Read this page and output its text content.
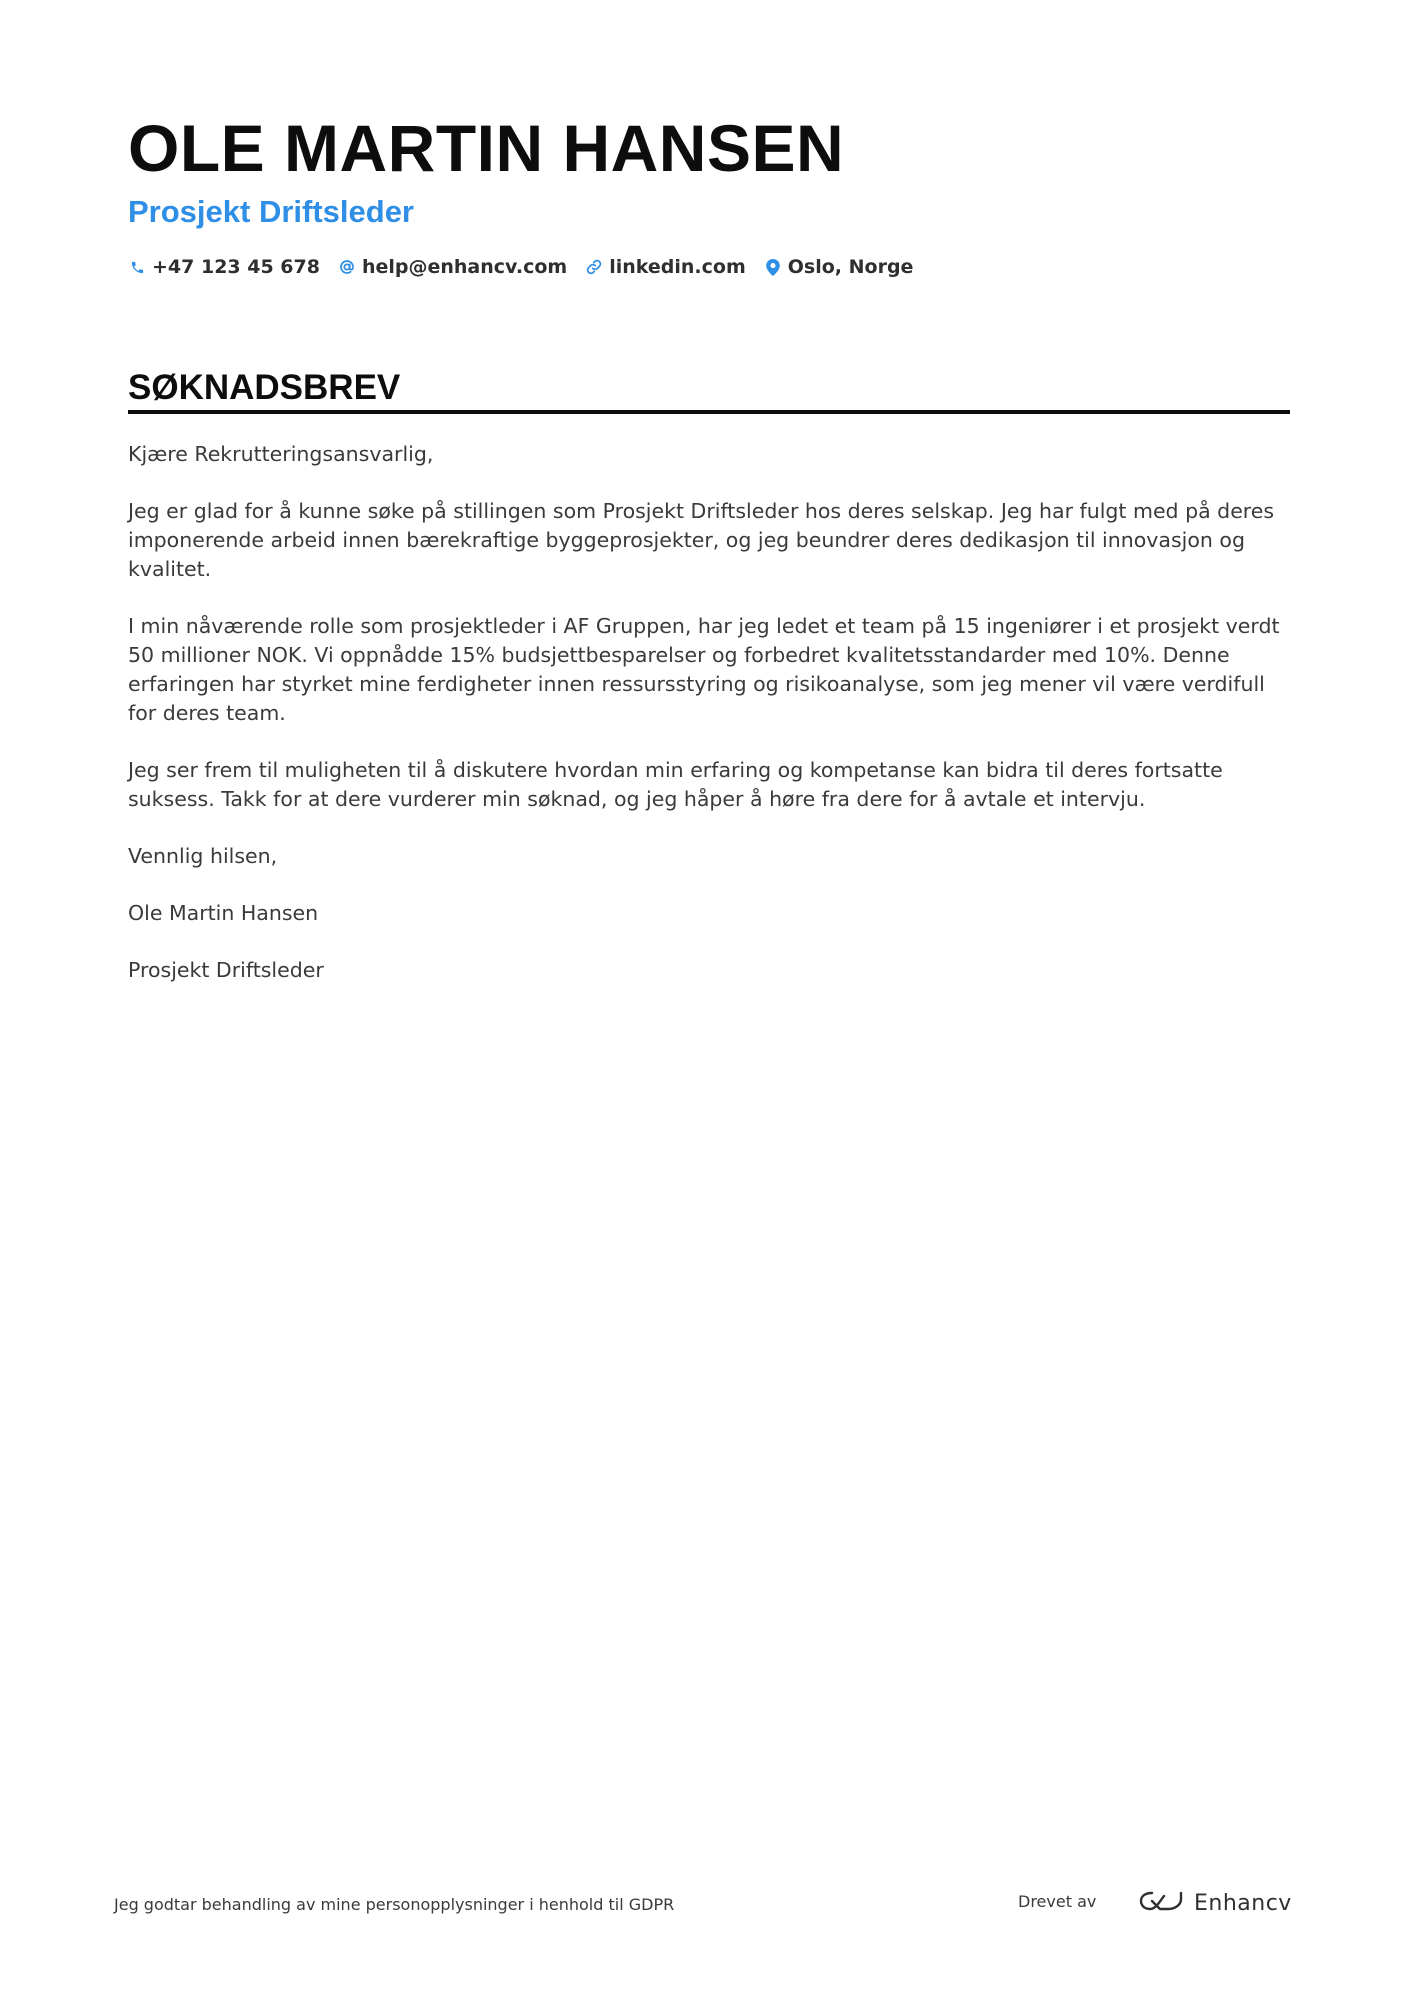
OLE MARTIN HANSEN
Prosjekt Driftsleder
+47 123 45 678 help@enhancv.com linkedin.com Oslo, Norge
SØKNADSBREV

Kjære Rekrutteringsansvarlig,

Jeg er glad for å kunne søke på stillingen som Prosjekt Driftsleder hos deres selskap. Jeg har fulgt med på deres imponerende arbeid innen bærekraftige byggeprosjekter, og jeg beundrer deres dedikasjon til innovasjon og kvalitet.

I min nåværende rolle som prosjektleder i AF Gruppen, har jeg ledet et team på 15 ingeniører i et prosjekt verdt 50 millioner NOK. Vi oppnådde 15% budsjettbesparelser og forbedret kvalitetsstandarder med 10%. Denne erfaringen har styrket mine ferdigheter innen ressursstyring og risikoanalyse, som jeg mener vil være verdifull for deres team.

Jeg ser frem til muligheten til å diskutere hvordan min erfaring og kompetanse kan bidra til deres fortsatte suksess. Takk for at dere vurderer min søknad, og jeg håper å høre fra dere for å avtale et intervju.

Vennlig hilsen,

Ole Martin Hansen

Prosjekt Driftsleder

Jeg godtar behandling av mine personopplysninger i henhold til GDPR	Drevet av	Enhancv
